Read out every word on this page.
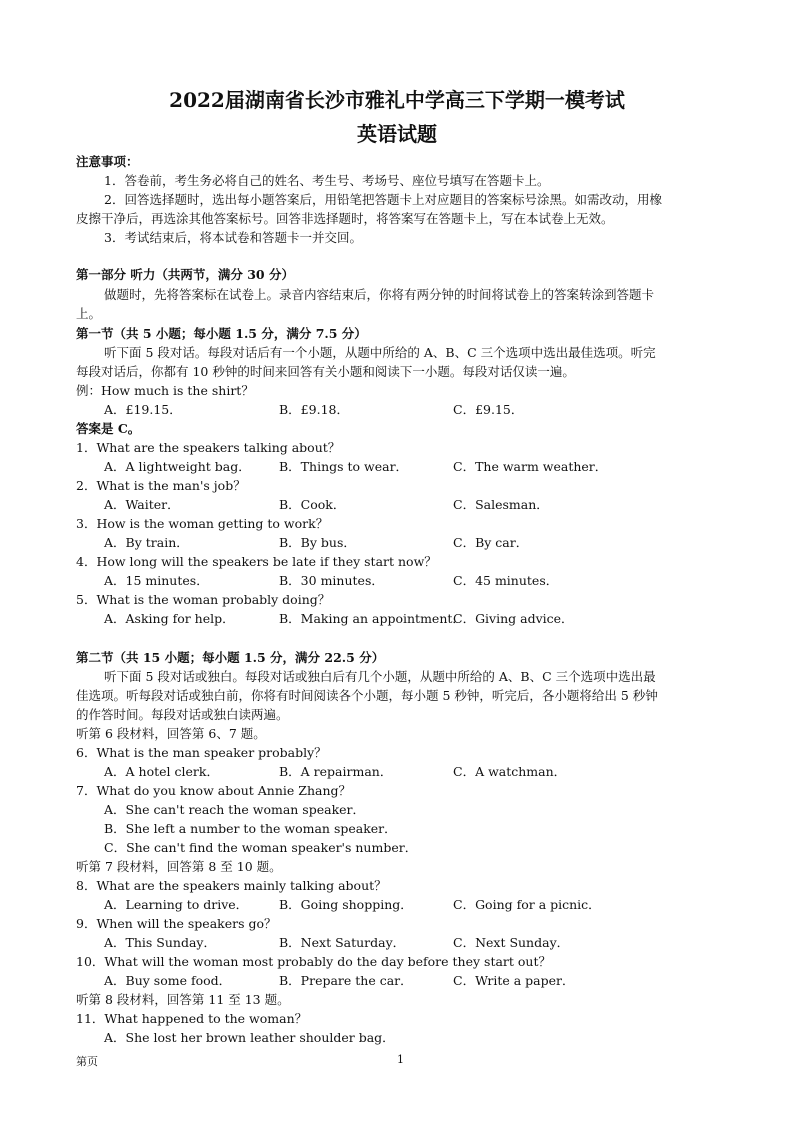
2022届湖南省长沙市雅礼中学高三下学期一模考试
英语试题
注意事项：
1．答卷前，考生务必将自己的姓名、考生号、考场号、座位号填写在答题卡上。
2．回答选择题时，选出每小题答案后，用铅笔把答题卡上对应题目的答案标号涂黑。如需改动，用橡
皮擦干净后，再选涂其他答案标号。回答非选择题时，将答案写在答题卡上，写在本试卷上无效。
3．考试结束后，将本试卷和答题卡一并交回。
第一部分 听力（共两节，满分 30 分）
做题时，先将答案标在试卷上。录音内容结束后，你将有两分钟的时间将试卷上的答案转涂到答题卡
上。
第一节（共 5 小题；每小题 1.5 分，满分 7.5 分）
听下面 5 段对话。每段对话后有一个小题，从题中所给的 A、B、C 三个选项中选出最佳选项。听完
每段对话后，你都有 10 秒钟的时间来回答有关小题和阅读下一小题。每段对话仅读一遍。
例：How much is the shirt？
A．£19.15．	B．£9.18．	C．£9.15．
答案是 C。
1．What are the speakers talking about？
A．A lightweight bag． B．Things to wear．	C．The warm weather．
2．What is the man's job？
A．Waiter．	B．Cook．	C．Salesman．
3．How is the woman getting to work？
A．By train．	B．By bus．	C．By car．
4．How long will the speakers be late if they start now？
A．15 minutes．	B．30 minutes．	C．45 minutes．
5．What is the woman probably doing？
A．Asking for help．	B．Making an appointment．
C．Giving advice．
第二节（共 15 小题；每小题 1.5 分，满分 22.5 分）
听下面 5 段对话或独白。每段对话或独白后有几个小题，从题中所给的 A、B、C 三个选项中选出最
佳选项。听每段对话或独白前，你将有时间阅读各个小题，每小题 5 秒钟，听完后，各小题将给出 5 秒钟
的作答时间。每段对话或独白读两遍。
听第 6 段材料，回答第 6、7 题。
6．What is the man speaker probably？
A．A hotel clerk．	B．A repairman．	C．A watchman．
7．What do you know about Annie Zhang？
A．She can't reach the woman speaker．
B．She left a number to the woman speaker．
C．She can't find the woman speaker's number．
听第 7 段材料，回答第 8 至 10 题。
8．What are the speakers mainly talking about？
A．Learning to drive． B．Going shopping．	C．Going for a picnic．
9．When will the speakers go？
A．This Sunday．	B．Next Saturday．	C．Next Sunday．
10．What will the woman most probably do the day before they start out？
A．Buy some food．	B．Prepare the car．	C．Write a paper．
听第 8 段材料，回答第 11 至 13 题。
11．What happened to the woman？
A．She lost her brown leather shoulder bag．
第页	1
